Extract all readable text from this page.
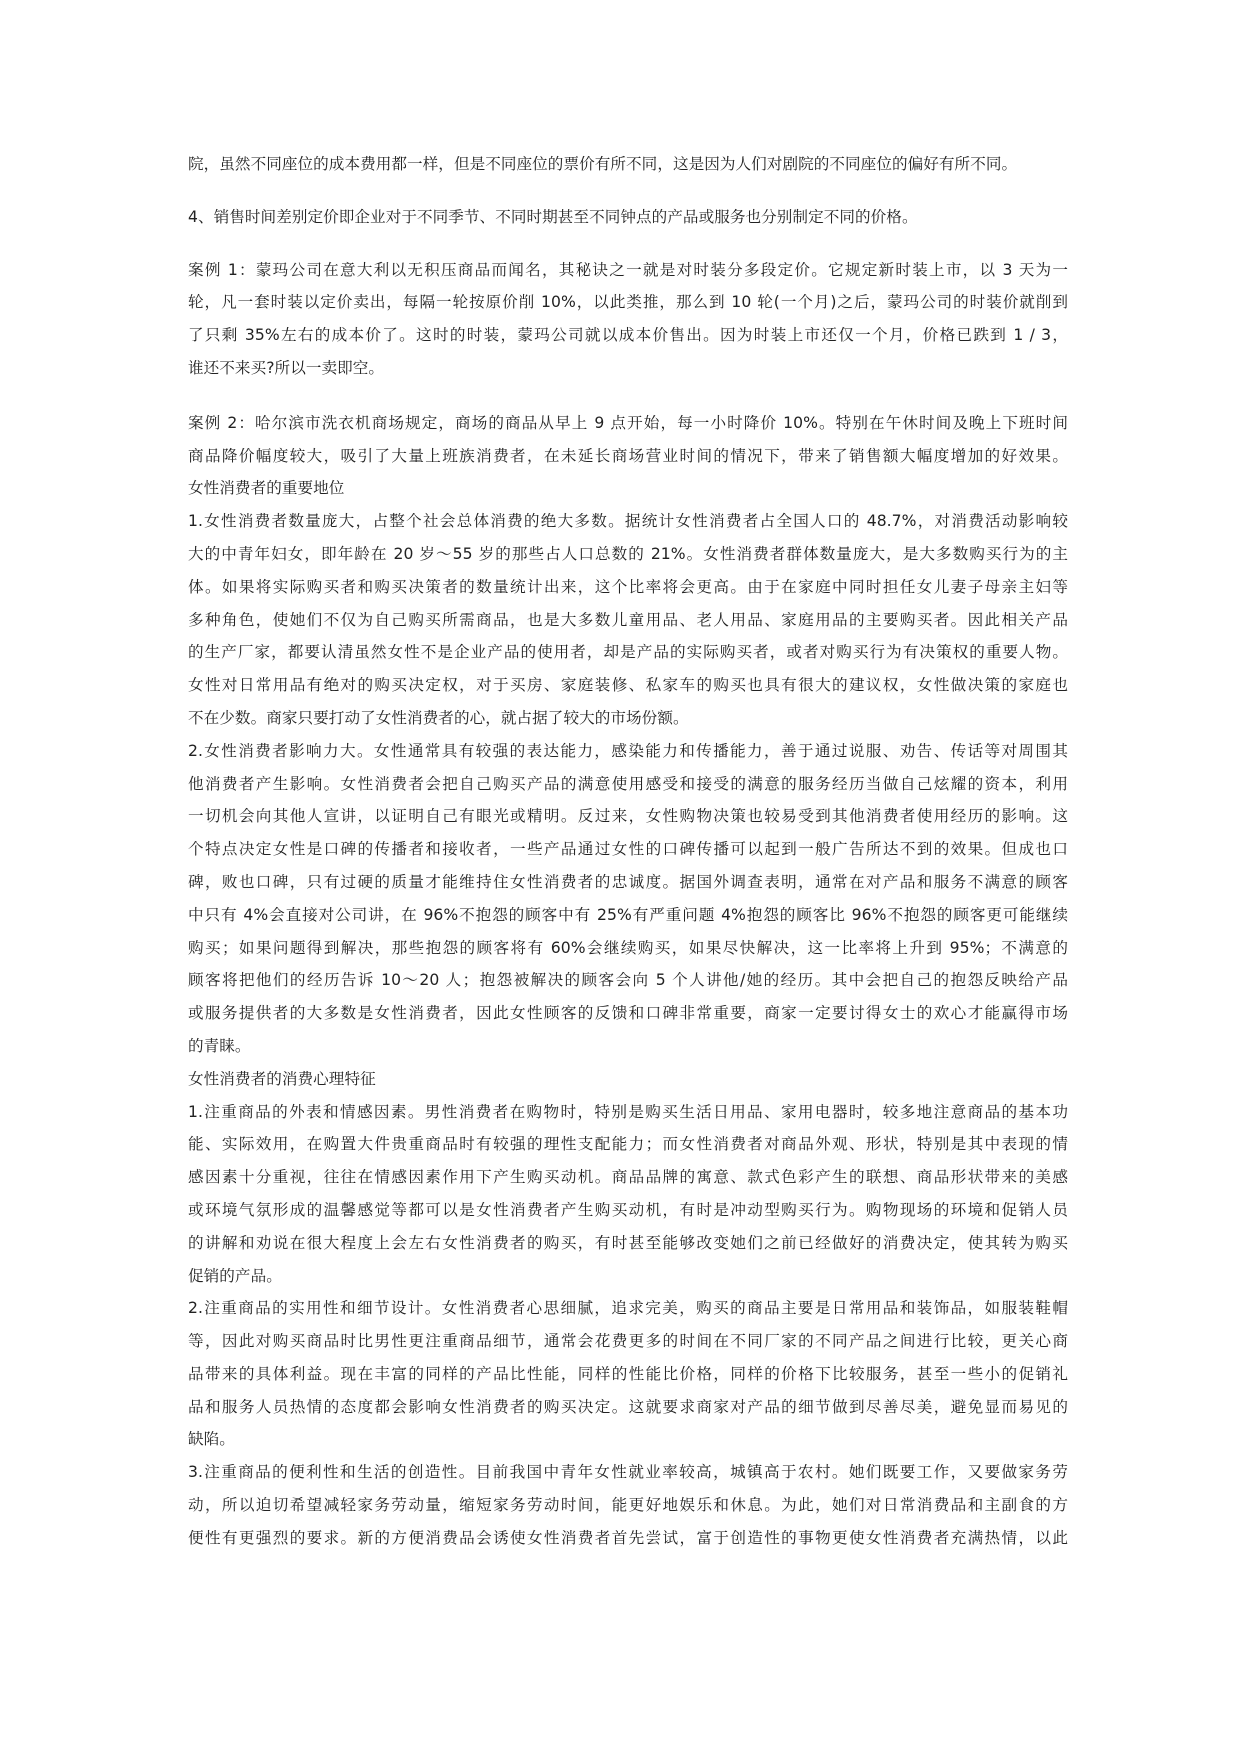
院，虽然不同座位的成本费用都一样，但是不同座位的票价有所不同，这是因为人们对剧院的不同座位的偏好有所不同。
4、销售时间差别定价即企业对于不同季节、不同时期甚至不同钟点的产品或服务也分别制定不同的价格。
案例 1：蒙玛公司在意大利以无积压商品而闻名，其秘诀之一就是对时装分多段定价。它规定新时装上市，以 3 天为一
轮，凡一套时装以定价卖出，每隔一轮按原价削 10%，以此类推，那么到 10 轮(一个月)之后，蒙玛公司的时装价就削到
了只剩 35%左右的成本价了。这时的时装，蒙玛公司就以成本价售出。因为时装上市还仅一个月，价格已跌到 1 / 3，
谁还不来买?所以一卖即空。
案例 2：哈尔滨市洗衣机商场规定，商场的商品从早上 9 点开始，每一小时降价 10%。特别在午休时间及晚上下班时间
商品降价幅度较大，吸引了大量上班族消费者，在未延长商场营业时间的情况下，带来了销售额大幅度增加的好效果。
女性消费者的重要地位
1.女性消费者数量庞大，占整个社会总体消费的绝大多数。据统计女性消费者占全国人口的 48.7%，对消费活动影响较
大的中青年妇女，即年龄在 20 岁～55 岁的那些占人口总数的 21%。女性消费者群体数量庞大，是大多数购买行为的主
体。如果将实际购买者和购买决策者的数量统计出来，这个比率将会更高。由于在家庭中同时担任女儿妻子母亲主妇等
多种角色，使她们不仅为自己购买所需商品，也是大多数儿童用品、老人用品、家庭用品的主要购买者。因此相关产品
的生产厂家，都要认清虽然女性不是企业产品的使用者，却是产品的实际购买者，或者对购买行为有决策权的重要人物。
女性对日常用品有绝对的购买决定权，对于买房、家庭装修、私家车的购买也具有很大的建议权，女性做决策的家庭也
不在少数。商家只要打动了女性消费者的心，就占据了较大的市场份额。
2.女性消费者影响力大。女性通常具有较强的表达能力，感染能力和传播能力，善于通过说服、劝告、传话等对周围其
他消费者产生影响。女性消费者会把自己购买产品的满意使用感受和接受的满意的服务经历当做自己炫耀的资本，利用
一切机会向其他人宣讲，以证明自己有眼光或精明。反过来，女性购物决策也较易受到其他消费者使用经历的影响。这
个特点决定女性是口碑的传播者和接收者，一些产品通过女性的口碑传播可以起到一般广告所达不到的效果。但成也口
碑，败也口碑，只有过硬的质量才能维持住女性消费者的忠诚度。据国外调查表明，通常在对产品和服务不满意的顾客
中只有 4%会直接对公司讲，在 96%不抱怨的顾客中有 25%有严重问题 4%抱怨的顾客比 96%不抱怨的顾客更可能继续
购买；如果问题得到解决，那些抱怨的顾客将有 60%会继续购买，如果尽快解决，这一比率将上升到 95%；不满意的
顾客将把他们的经历告诉 10～20 人；抱怨被解决的顾客会向 5 个人讲他/她的经历。其中会把自己的抱怨反映给产品
或服务提供者的大多数是女性消费者，因此女性顾客的反馈和口碑非常重要，商家一定要讨得女士的欢心才能赢得市场
的青睐。
女性消费者的消费心理特征
1.注重商品的外表和情感因素。男性消费者在购物时，特别是购买生活日用品、家用电器时，较多地注意商品的基本功
能、实际效用，在购置大件贵重商品时有较强的理性支配能力；而女性消费者对商品外观、形状，特别是其中表现的情
感因素十分重视，往往在情感因素作用下产生购买动机。商品品牌的寓意、款式色彩产生的联想、商品形状带来的美感
或环境气氛形成的温馨感觉等都可以是女性消费者产生购买动机，有时是冲动型购买行为。购物现场的环境和促销人员
的讲解和劝说在很大程度上会左右女性消费者的购买，有时甚至能够改变她们之前已经做好的消费决定，使其转为购买
促销的产品。
2.注重商品的实用性和细节设计。女性消费者心思细腻，追求完美，购买的商品主要是日常用品和装饰品，如服装鞋帽
等，因此对购买商品时比男性更注重商品细节，通常会花费更多的时间在不同厂家的不同产品之间进行比较，更关心商
品带来的具体利益。现在丰富的同样的产品比性能，同样的性能比价格，同样的价格下比较服务，甚至一些小的促销礼
品和服务人员热情的态度都会影响女性消费者的购买决定。这就要求商家对产品的细节做到尽善尽美，避免显而易见的
缺陷。
3.注重商品的便利性和生活的创造性。目前我国中青年女性就业率较高，城镇高于农村。她们既要工作，又要做家务劳
动，所以迫切希望减轻家务劳动量，缩短家务劳动时间，能更好地娱乐和休息。为此，她们对日常消费品和主副食的方
便性有更强烈的要求。新的方便消费品会诱使女性消费者首先尝试，富于创造性的事物更使女性消费者充满热情，以此
